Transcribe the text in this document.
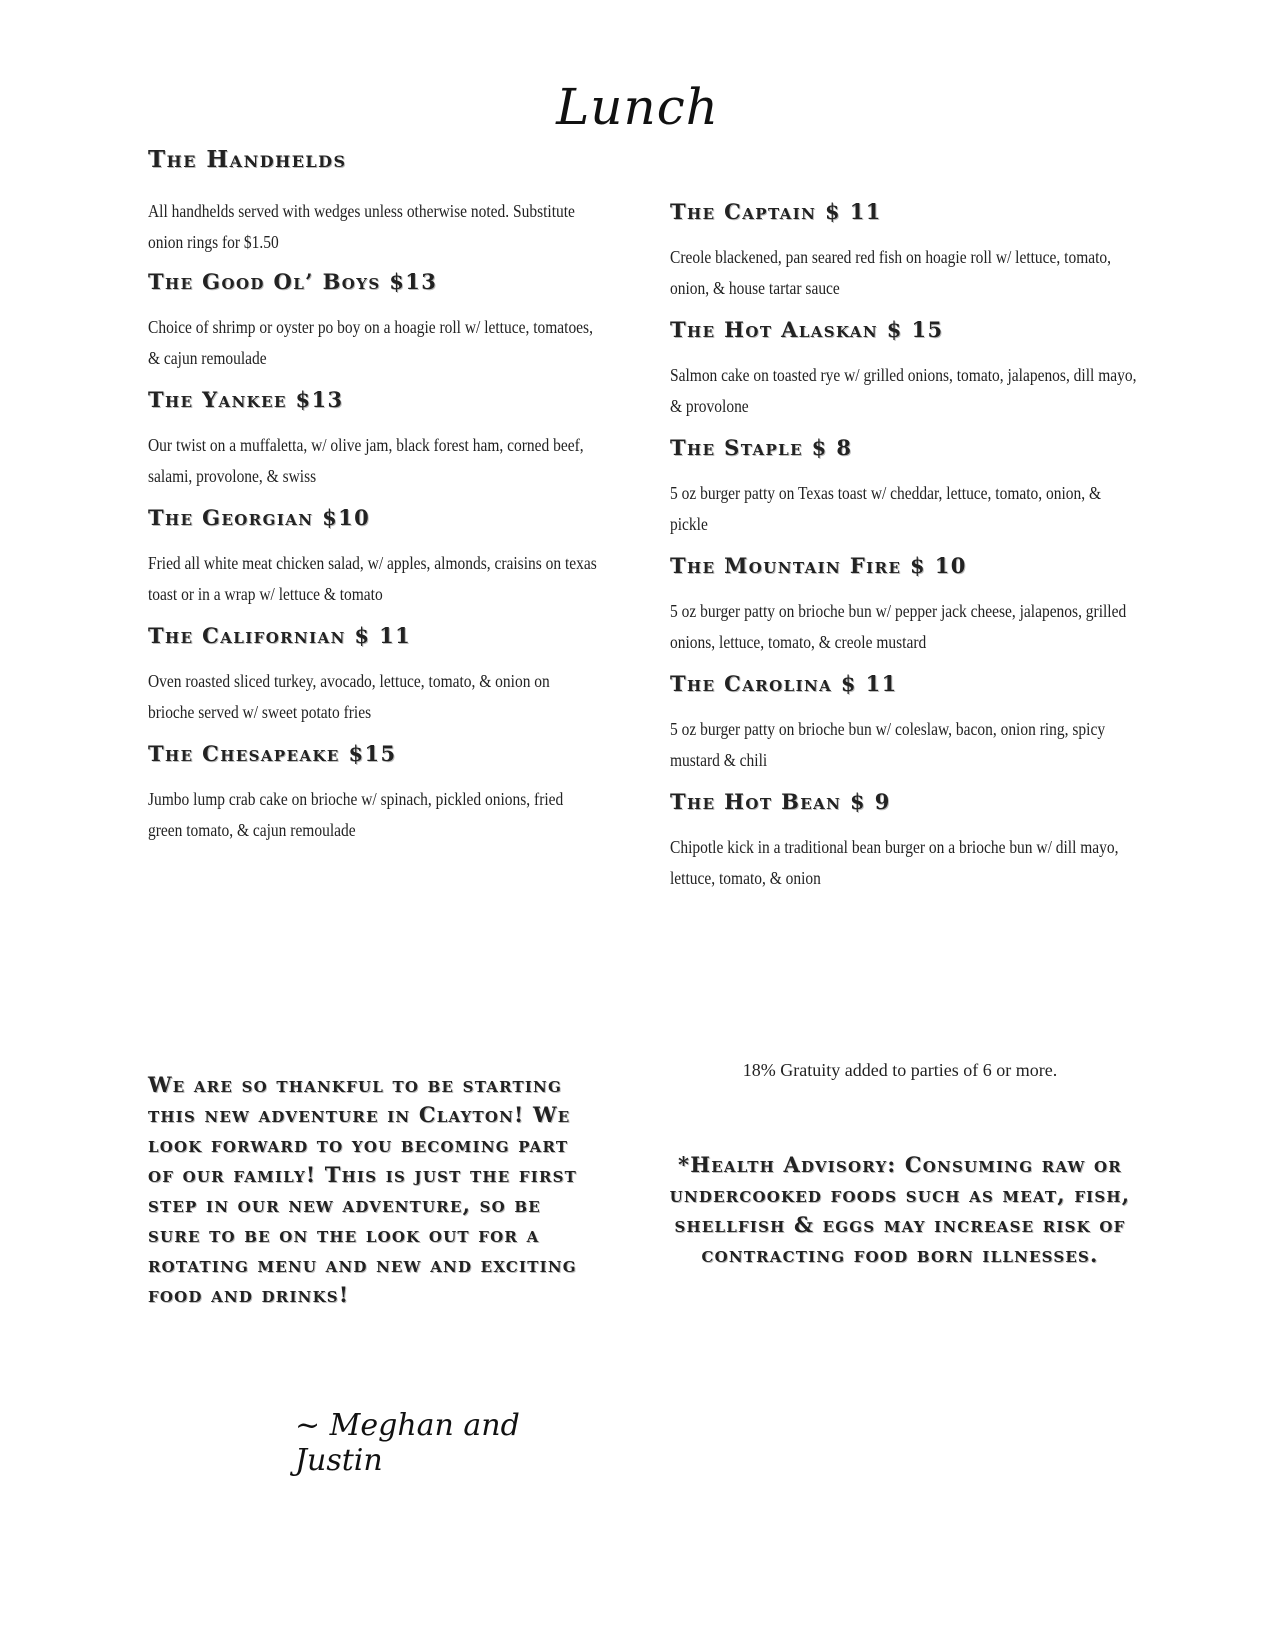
Lunch
The Handhelds
All handhelds served with wedges unless otherwise noted. Substitute onion rings for $1.50
The Good Ol’ Boys $13
Choice of shrimp or oyster po boy on a hoagie roll w/ lettuce, tomatoes, & cajun remoulade
The Yankee $13
Our twist on a muffaletta, w/ olive jam, black forest ham, corned beef, salami, provolone, & swiss
The Georgian $10
Fried all white meat chicken salad, w/ apples, almonds, craisins on texas toast or in a wrap w/ lettuce & tomato
The Californian $ 11
Oven roasted sliced turkey, avocado, lettuce, tomato, & onion on brioche served w/ sweet potato fries
The Chesapeake $15
Jumbo lump crab cake on brioche w/ spinach, pickled onions, fried green tomato, & cajun remoulade
The Captain $ 11
Creole blackened, pan seared red fish on hoagie roll w/ lettuce, tomato, onion, & house tartar sauce
The Hot Alaskan $ 15
Salmon cake on toasted rye w/ grilled onions, tomato, jalapenos, dill mayo, & provolone
The Staple $ 8
5 oz burger patty on Texas toast w/ cheddar, lettuce, tomato, onion, & pickle
The Mountain Fire $ 10
5 oz burger patty on brioche bun w/ pepper jack cheese, jalapenos, grilled onions, lettuce, tomato, & creole mustard
The Carolina $ 11
5 oz burger patty on brioche bun w/ coleslaw, bacon, onion ring, spicy mustard & chili
The Hot Bean $ 9
Chipotle kick in a traditional bean burger on a brioche bun w/ dill mayo, lettuce, tomato, & onion
We are so thankful to be starting this new adventure in Clayton! We look forward to you becoming part of our family! This is just the first step in our new adventure, so be sure to be on the look out for a rotating menu and new and exciting food and drinks!
~ Meghan and Justin
18% Gratuity added to parties of 6 or more.
*Health Advisory: Consuming raw or undercooked foods such as meat, fish, shellfish & eggs may increase risk of contracting food born illnesses.
